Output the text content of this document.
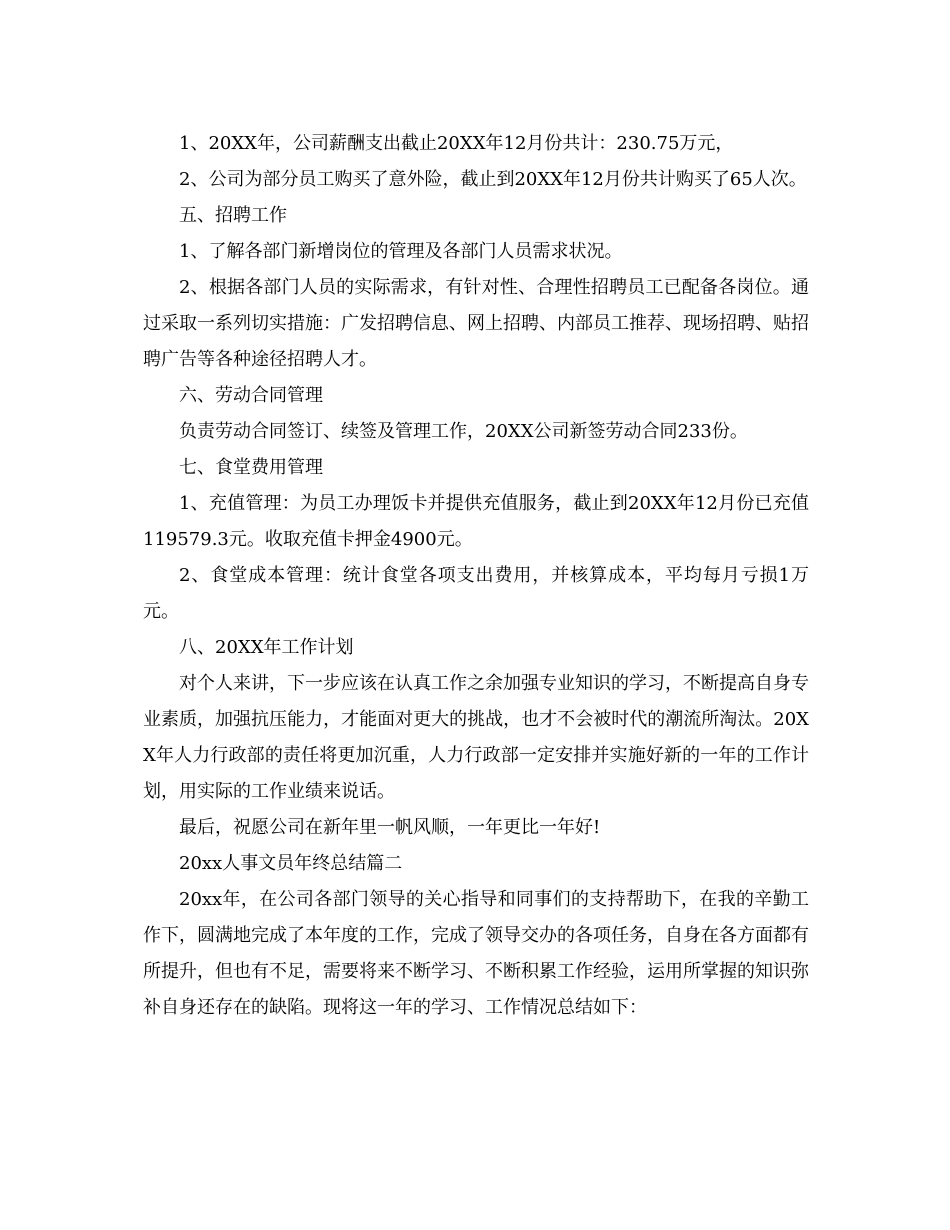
1、20XX年，公司薪酬支出截止20XX年12月份共计：230.75万元，

2、公司为部分员工购买了意外险，截止到20XX年12月份共计购买了65人次。

五、招聘工作

1、了解各部门新增岗位的管理及各部门人员需求状况。

2、根据各部门人员的实际需求，有针对性、合理性招聘员工已配备各岗位。通过采取一系列切实措施：广发招聘信息、网上招聘、内部员工推荐、现场招聘、贴招聘广告等各种途径招聘人才。

六、劳动合同管理

负责劳动合同签订、续签及管理工作，20XX公司新签劳动合同233份。

七、食堂费用管理

1、充值管理：为员工办理饭卡并提供充值服务，截止到20XX年12月份已充值119579.3元。收取充值卡押金4900元。

2、食堂成本管理：统计食堂各项支出费用，并核算成本，平均每月亏损1万元。

八、20XX年工作计划

对个人来讲，下一步应该在认真工作之余加强专业知识的学习，不断提高自身专业素质，加强抗压能力，才能面对更大的挑战，也才不会被时代的潮流所淘汰。20XX年人力行政部的责任将更加沉重，人力行政部一定安排并实施好新的一年的工作计划，用实际的工作业绩来说话。

最后，祝愿公司在新年里一帆风顺，一年更比一年好!

20xx人事文员年终总结篇二

20xx年，在公司各部门领导的关心指导和同事们的支持帮助下，在我的辛勤工作下，圆满地完成了本年度的工作，完成了领导交办的各项任务，自身在各方面都有所提升，但也有不足，需要将来不断学习、不断积累工作经验，运用所掌握的知识弥补自身还存在的缺陷。现将这一年的学习、工作情况总结如下：
